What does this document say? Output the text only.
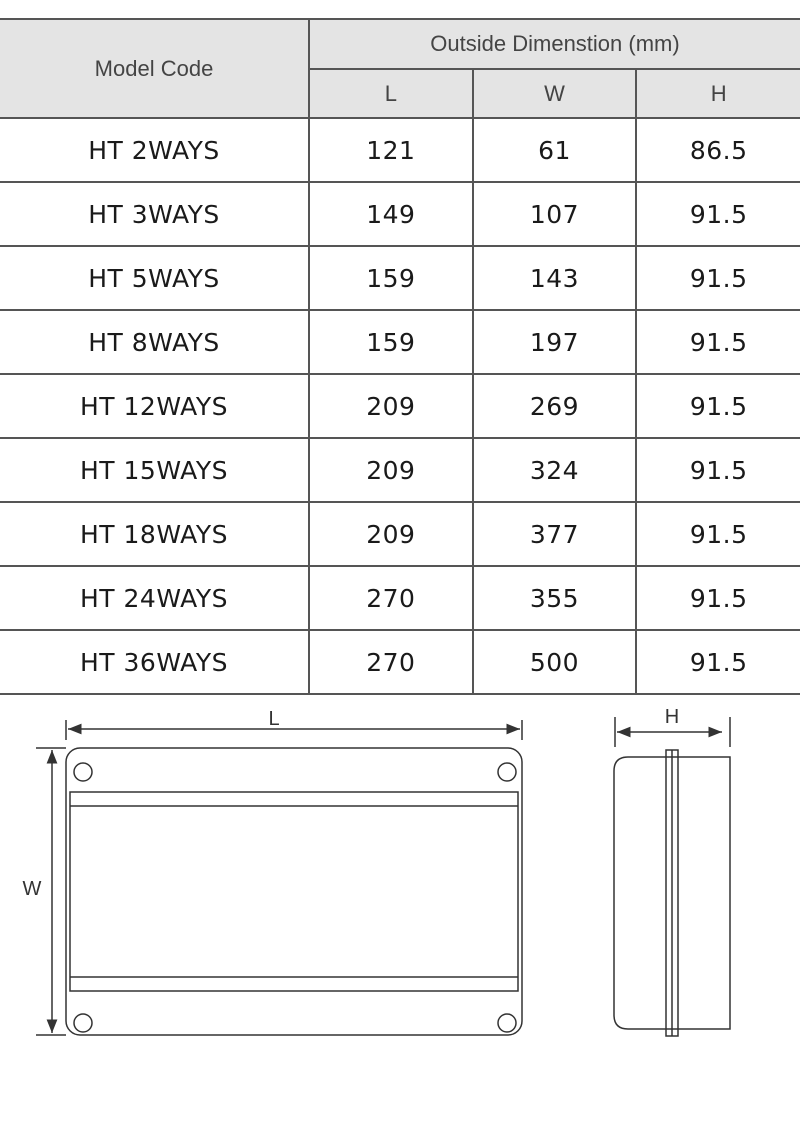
Model Code	Outside Dimenstion (mm)		
	L	W	H
HT 2WAYS	121	61	86.5
HT 3WAYS	149	107	91.5
HT 5WAYS	159	143	91.5
HT 8WAYS	159	197	91.5
HT 12WAYS	209	269	91.5
HT 15WAYS	209	324	91.5
HT 18WAYS	209	377	91.5
HT 24WAYS	270	355	91.5
HT 36WAYS	270	500	91.5
L
W
H
